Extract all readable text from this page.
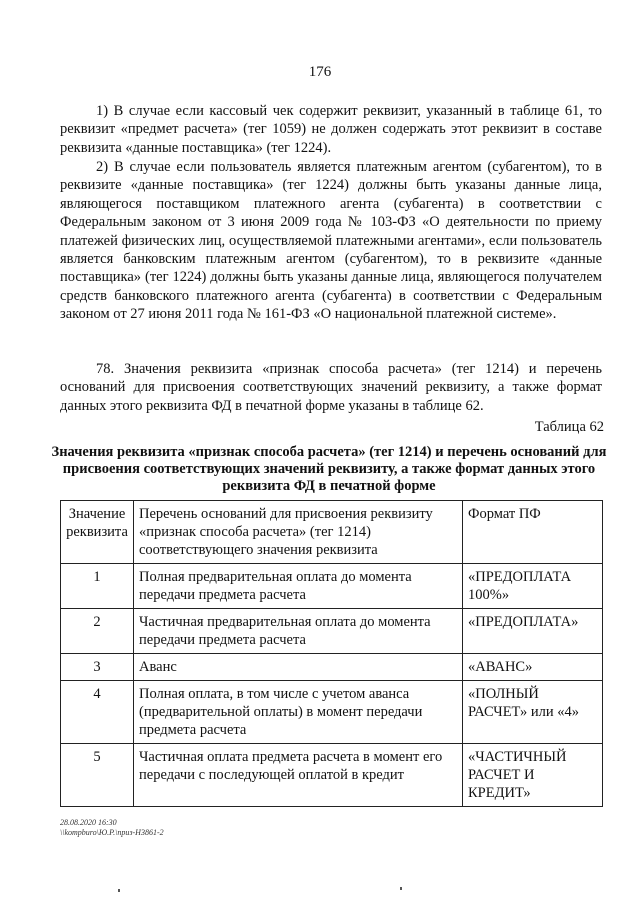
176
1) В случае если кассовый чек содержит реквизит, указанный в таблице 61, то реквизит «предмет расчета» (тег 1059) не должен содержать этот реквизит в составе реквизита «данные поставщика» (тег 1224).
2) В случае если пользователь является платежным агентом (субагентом), то в реквизите «данные поставщика» (тег 1224) должны быть указаны данные лица, являющегося поставщиком платежного агента (субагента) в соответствии с Федеральным законом от 3 июня 2009 года № 103-ФЗ «О деятельности по приему платежей физических лиц, осуществляемой платежными агентами», если пользователь является банковским платежным агентом (субагентом), то в реквизите «данные поставщика» (тег 1224) должны быть указаны данные лица, являющегося получателем средств банковского платежного агента (субагента) в соответствии с Федеральным законом от 27 июня 2011 года № 161-ФЗ «О национальной платежной системе».
78. Значения реквизита «признак способа расчета» (тег 1214) и перечень оснований для присвоения соответствующих значений реквизиту, а также формат данных этого реквизита ФД в печатной форме указаны в таблице 62.
Таблица 62
Значения реквизита «признак способа расчета» (тег 1214) и перечень оснований для присвоения соответствующих значений реквизиту, а также формат данных этого реквизита ФД в печатной форме
Значение реквизита	Перечень оснований для присвоения реквизиту «признак способа расчета» (тег 1214) соответствующего значения реквизита	Формат ПФ
1	Полная предварительная оплата до момента передачи предмета расчета	«ПРЕДОПЛАТА 100%»
2	Частичная предварительная оплата до момента передачи предмета расчета	«ПРЕДОПЛАТА»
3	Аванс	«АВАНС»
4	Полная оплата, в том числе с учетом аванса (предварительной оплаты) в момент передачи предмета расчета	«ПОЛНЫЙ РАСЧЕТ» или «4»
5	Частичная оплата предмета расчета в момент его передачи с последующей оплатой в кредит	«ЧАСТИЧНЫЙ РАСЧЕТ И КРЕДИТ»
28.08.2020 16:30
\\kompburo\Ю.Р.\приз-Н3861-2
